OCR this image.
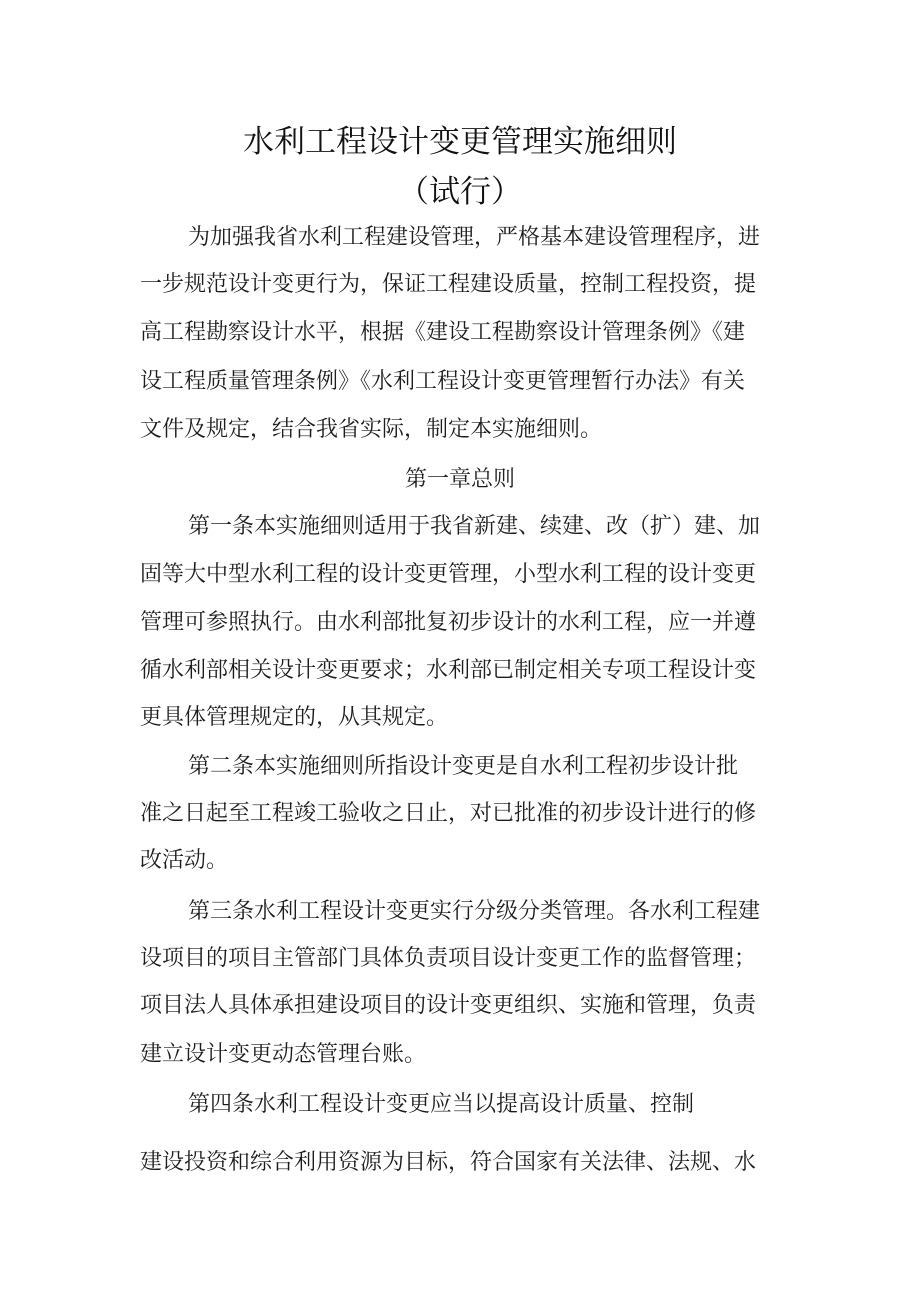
水利工程设计变更管理实施细则
（试行）
为加强我省水利工程建设管理，严格基本建设管理程序，进
一步规范设计变更行为，保证工程建设质量，控制工程投资，提
高工程勘察设计水平，根据《建设工程勘察设计管理条例》《建
设工程质量管理条例》《水利工程设计变更管理暂行办法》有关
文件及规定，结合我省实际，制定本实施细则。
第一章总则
第一条本实施细则适用于我省新建、续建、改（扩）建、加
固等大中型水利工程的设计变更管理，小型水利工程的设计变更
管理可参照执行。由水利部批复初步设计的水利工程，应一并遵
循水利部相关设计变更要求；水利部已制定相关专项工程设计变
更具体管理规定的，从其规定。
第二条本实施细则所指设计变更是自水利工程初步设计批
准之日起至工程竣工验收之日止，对已批准的初步设计进行的修
改活动。
第三条水利工程设计变更实行分级分类管理。各水利工程建
设项目的项目主管部门具体负责项目设计变更工作的监督管理；
项目法人具体承担建设项目的设计变更组织、实施和管理，负责
建立设计变更动态管理台账。
第四条水利工程设计变更应当以提高设计质量、控制
建设投资和综合利用资源为目标，符合国家有关法律、法规、水
